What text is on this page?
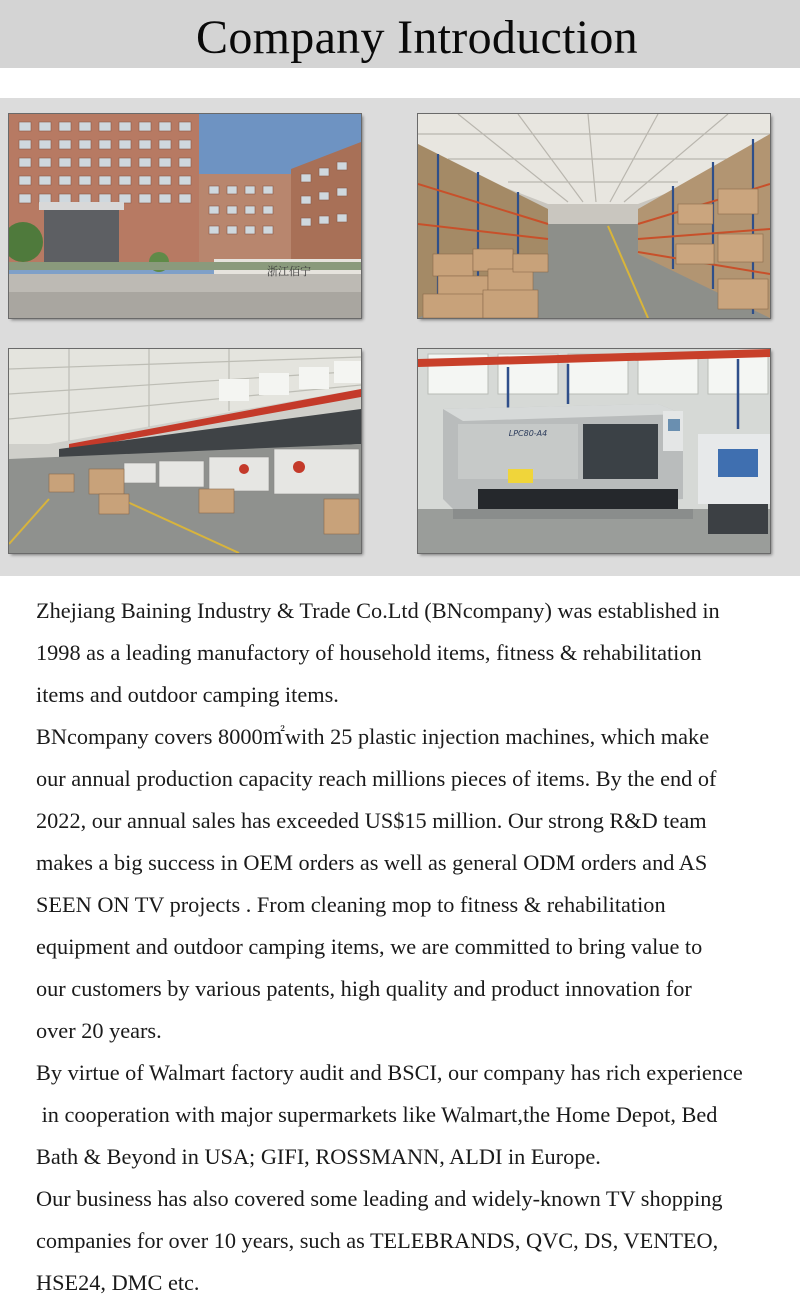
Company Introduction
浙江佰宁
LPC80-A4
Zhejiang Baining Industry & Trade Co.Ltd (BNcompany) was established in
1998 as a leading manufactory of household items, fitness & rehabilitation
items and outdoor camping items.
BNcompany covers 8000㎡with 25 plastic injection machines, which make
our annual production capacity reach millions pieces of items. By the end of
2022, our annual sales has exceeded US$15 million. Our strong R&D team
makes a big success in OEM orders as well as general ODM orders and AS
SEEN ON TV projects . From cleaning mop to fitness & rehabilitation
equipment and outdoor camping items, we are committed to bring value to
our customers by various patents, high quality and product innovation for
over 20 years.
By virtue of Walmart factory audit and BSCI, our company has rich experience
in cooperation with major supermarkets like Walmart,the Home Depot, Bed
Bath & Beyond in USA; GIFI, ROSSMANN, ALDI in Europe.
Our business has also covered some leading and widely-known TV shopping
companies for over 10 years, such as TELEBRANDS, QVC, DS, VENTEO,
HSE24, DMC etc.
